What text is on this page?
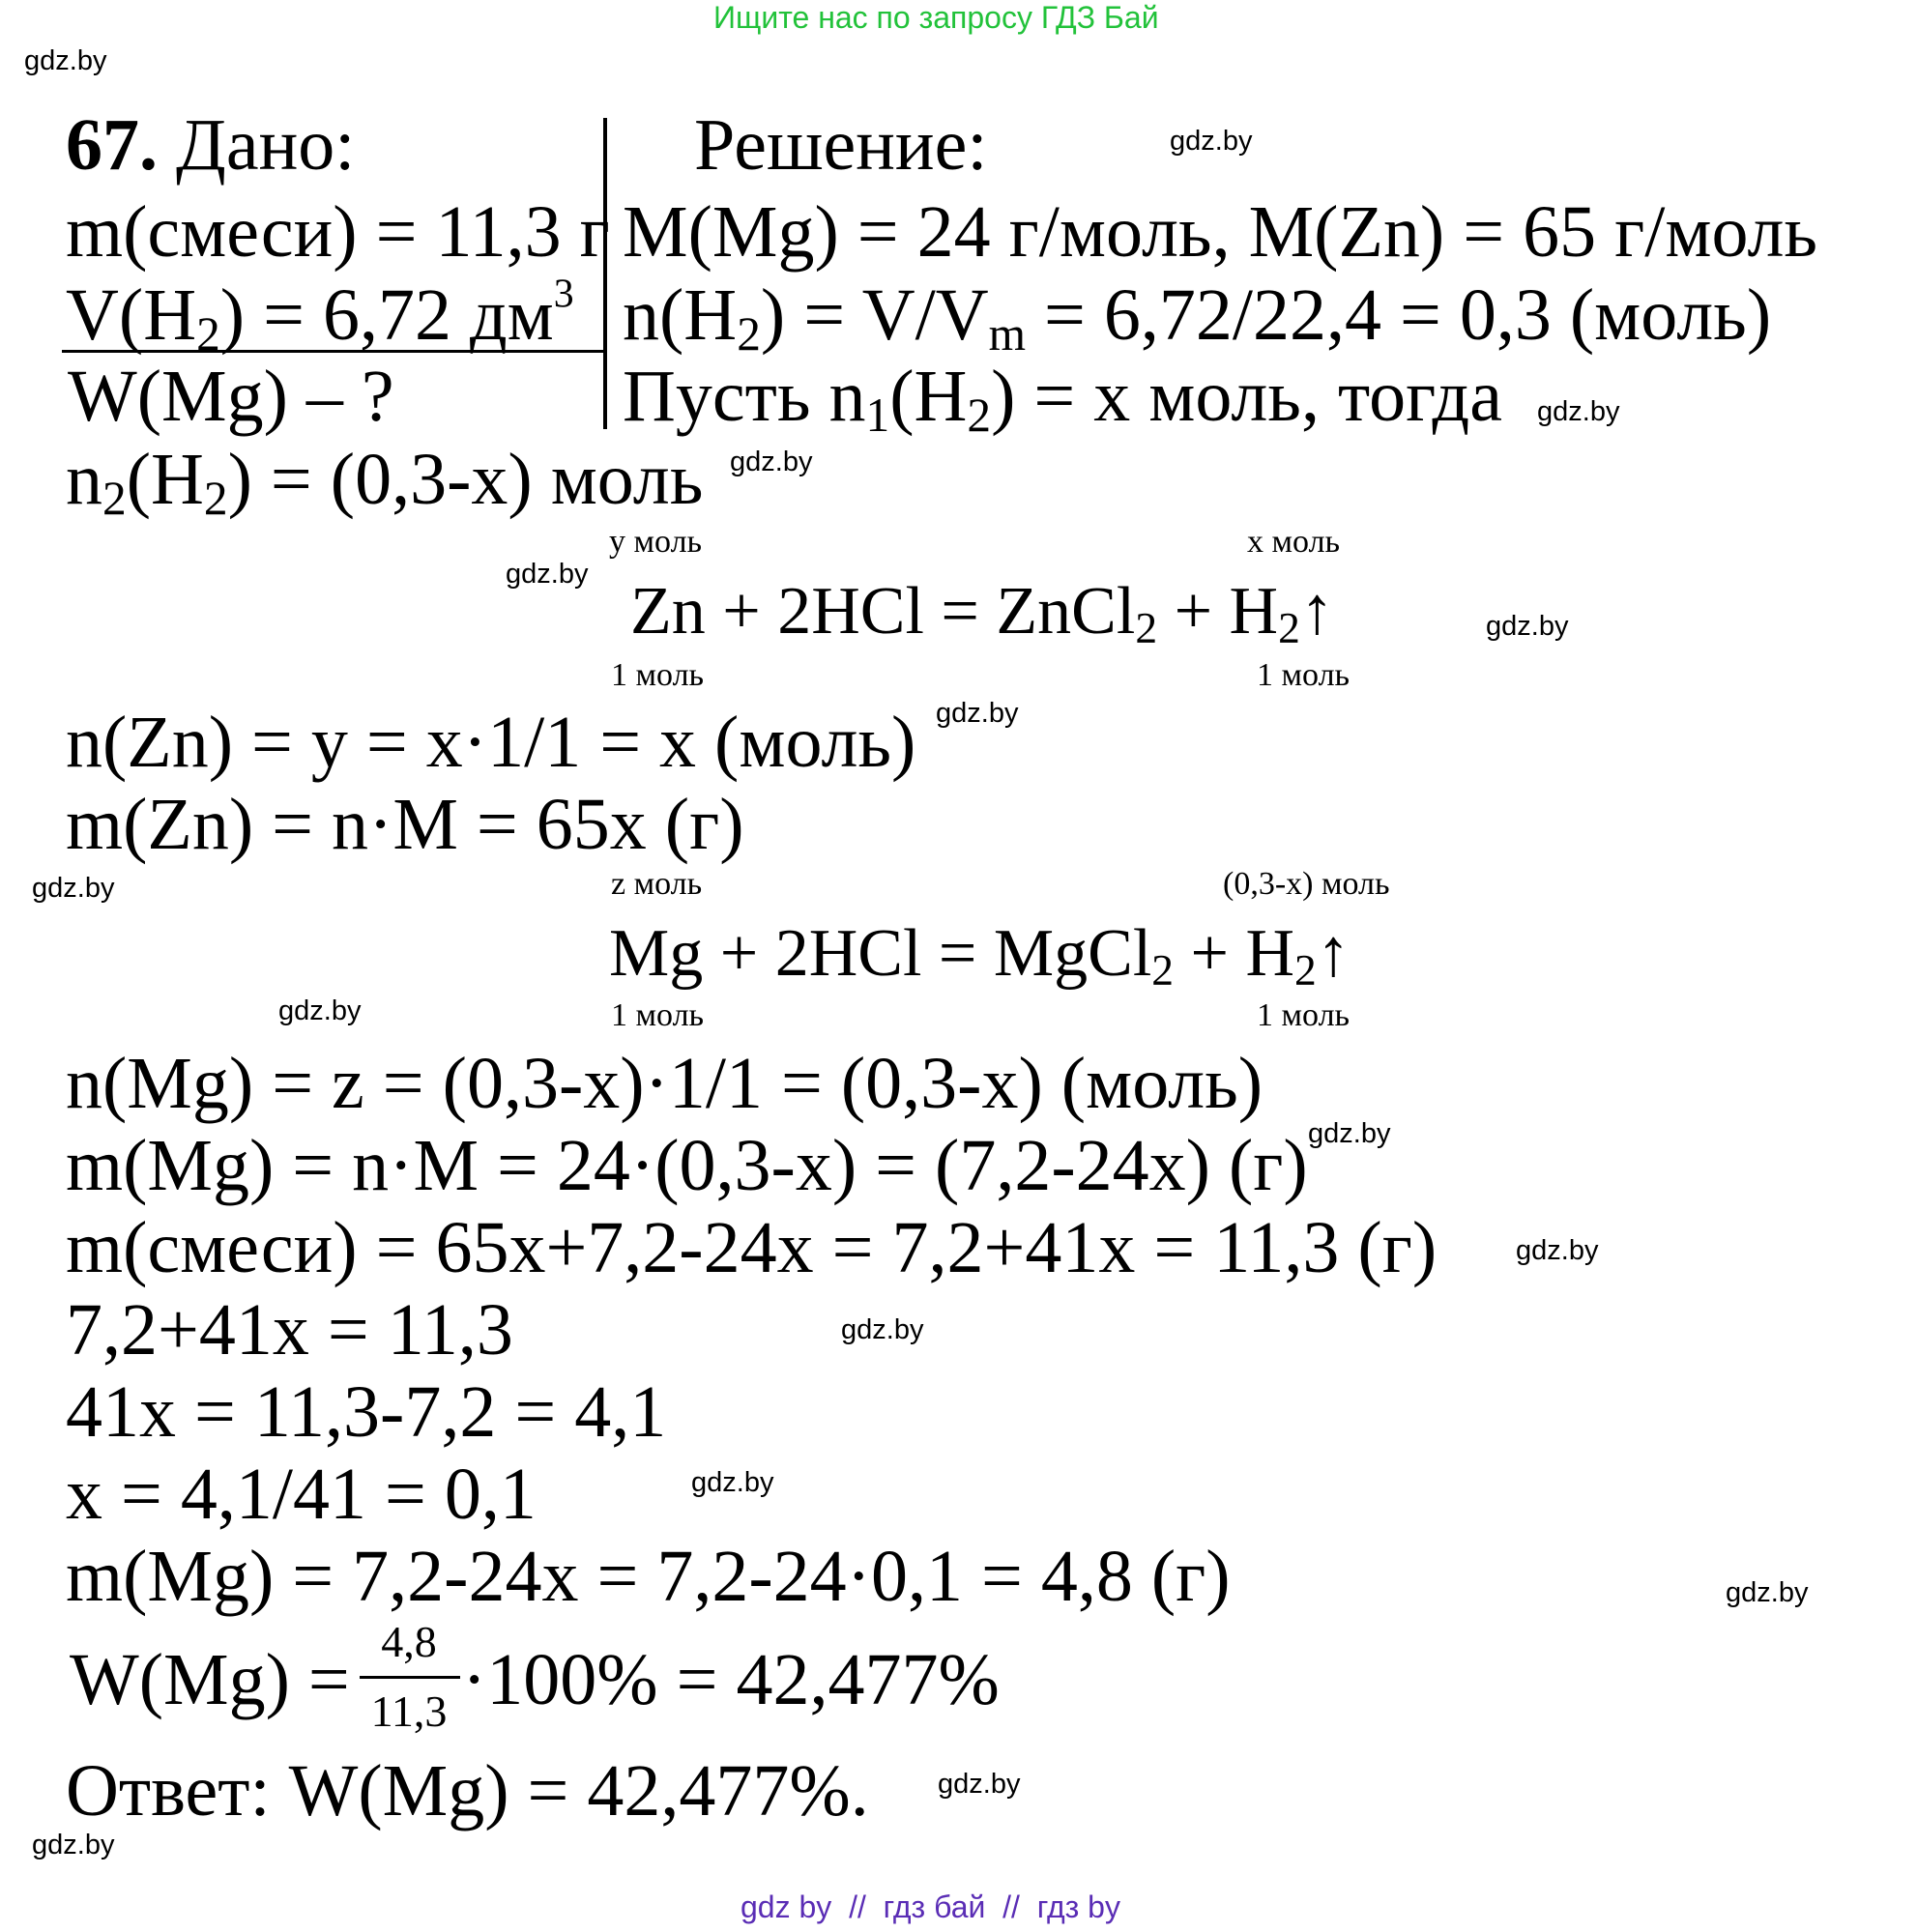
Ищите нас по запросу ГДЗ Бай
gdz.by
gdz.by
gdz.by
gdz.by
gdz.by
gdz.by
gdz.by
gdz.by
gdz.by
gdz.by
gdz.by
gdz.by
gdz.by
gdz.by
gdz.by
gdz.by
67. Дано:	Решение:
m(смеси) = 11,3 г
$V(H_2) = 6,72$ $дм^3$
W(Mg) – ?
M(Mg) = 24 г/моль, M(Zn) = 65 г/моль
$n(H_2) = V/V_m = 6,72/22,4 = 0,3$ (моль)
Пусть $n_1(H_2) = x$ моль, тогда
$n_2(H_2) = (0,3-x)$ моль
y моль	x моль
Zn + 2HCl = ZnCl$_2$ + $H_2↑$
1 моль	1 моль
n(Zn) = y = x·1/1 = x (моль)
m(Zn) = n·M = 65x (г)
z моль	(0,3-x) моль
Mg + 2HCl = MgCl$_2$ + $H_2↑$
1 моль	1 моль
n(Mg) = z = (0,3-x)·1/1 = (0,3-x) (моль)
m(Mg) = n·M = 24·(0,3-x) = (7,2-24x) (г)
m(смеси) = 65x+7,2-24x = 7,2+41x = 11,3 (г)
7,2+41x = 11,3
41x = 11,3-7,2 = 4,1
x = 4,1/41 = 0,1
m(Mg) = 7,2-24x = 7,2-24·0,1 = 4,8 (г)
W(Mg) = 4,8
11,3 ·100% = 42,477%
Ответ: W(Mg) = 42,477%.
gdz by  //  гдз бай  //  гдз by
